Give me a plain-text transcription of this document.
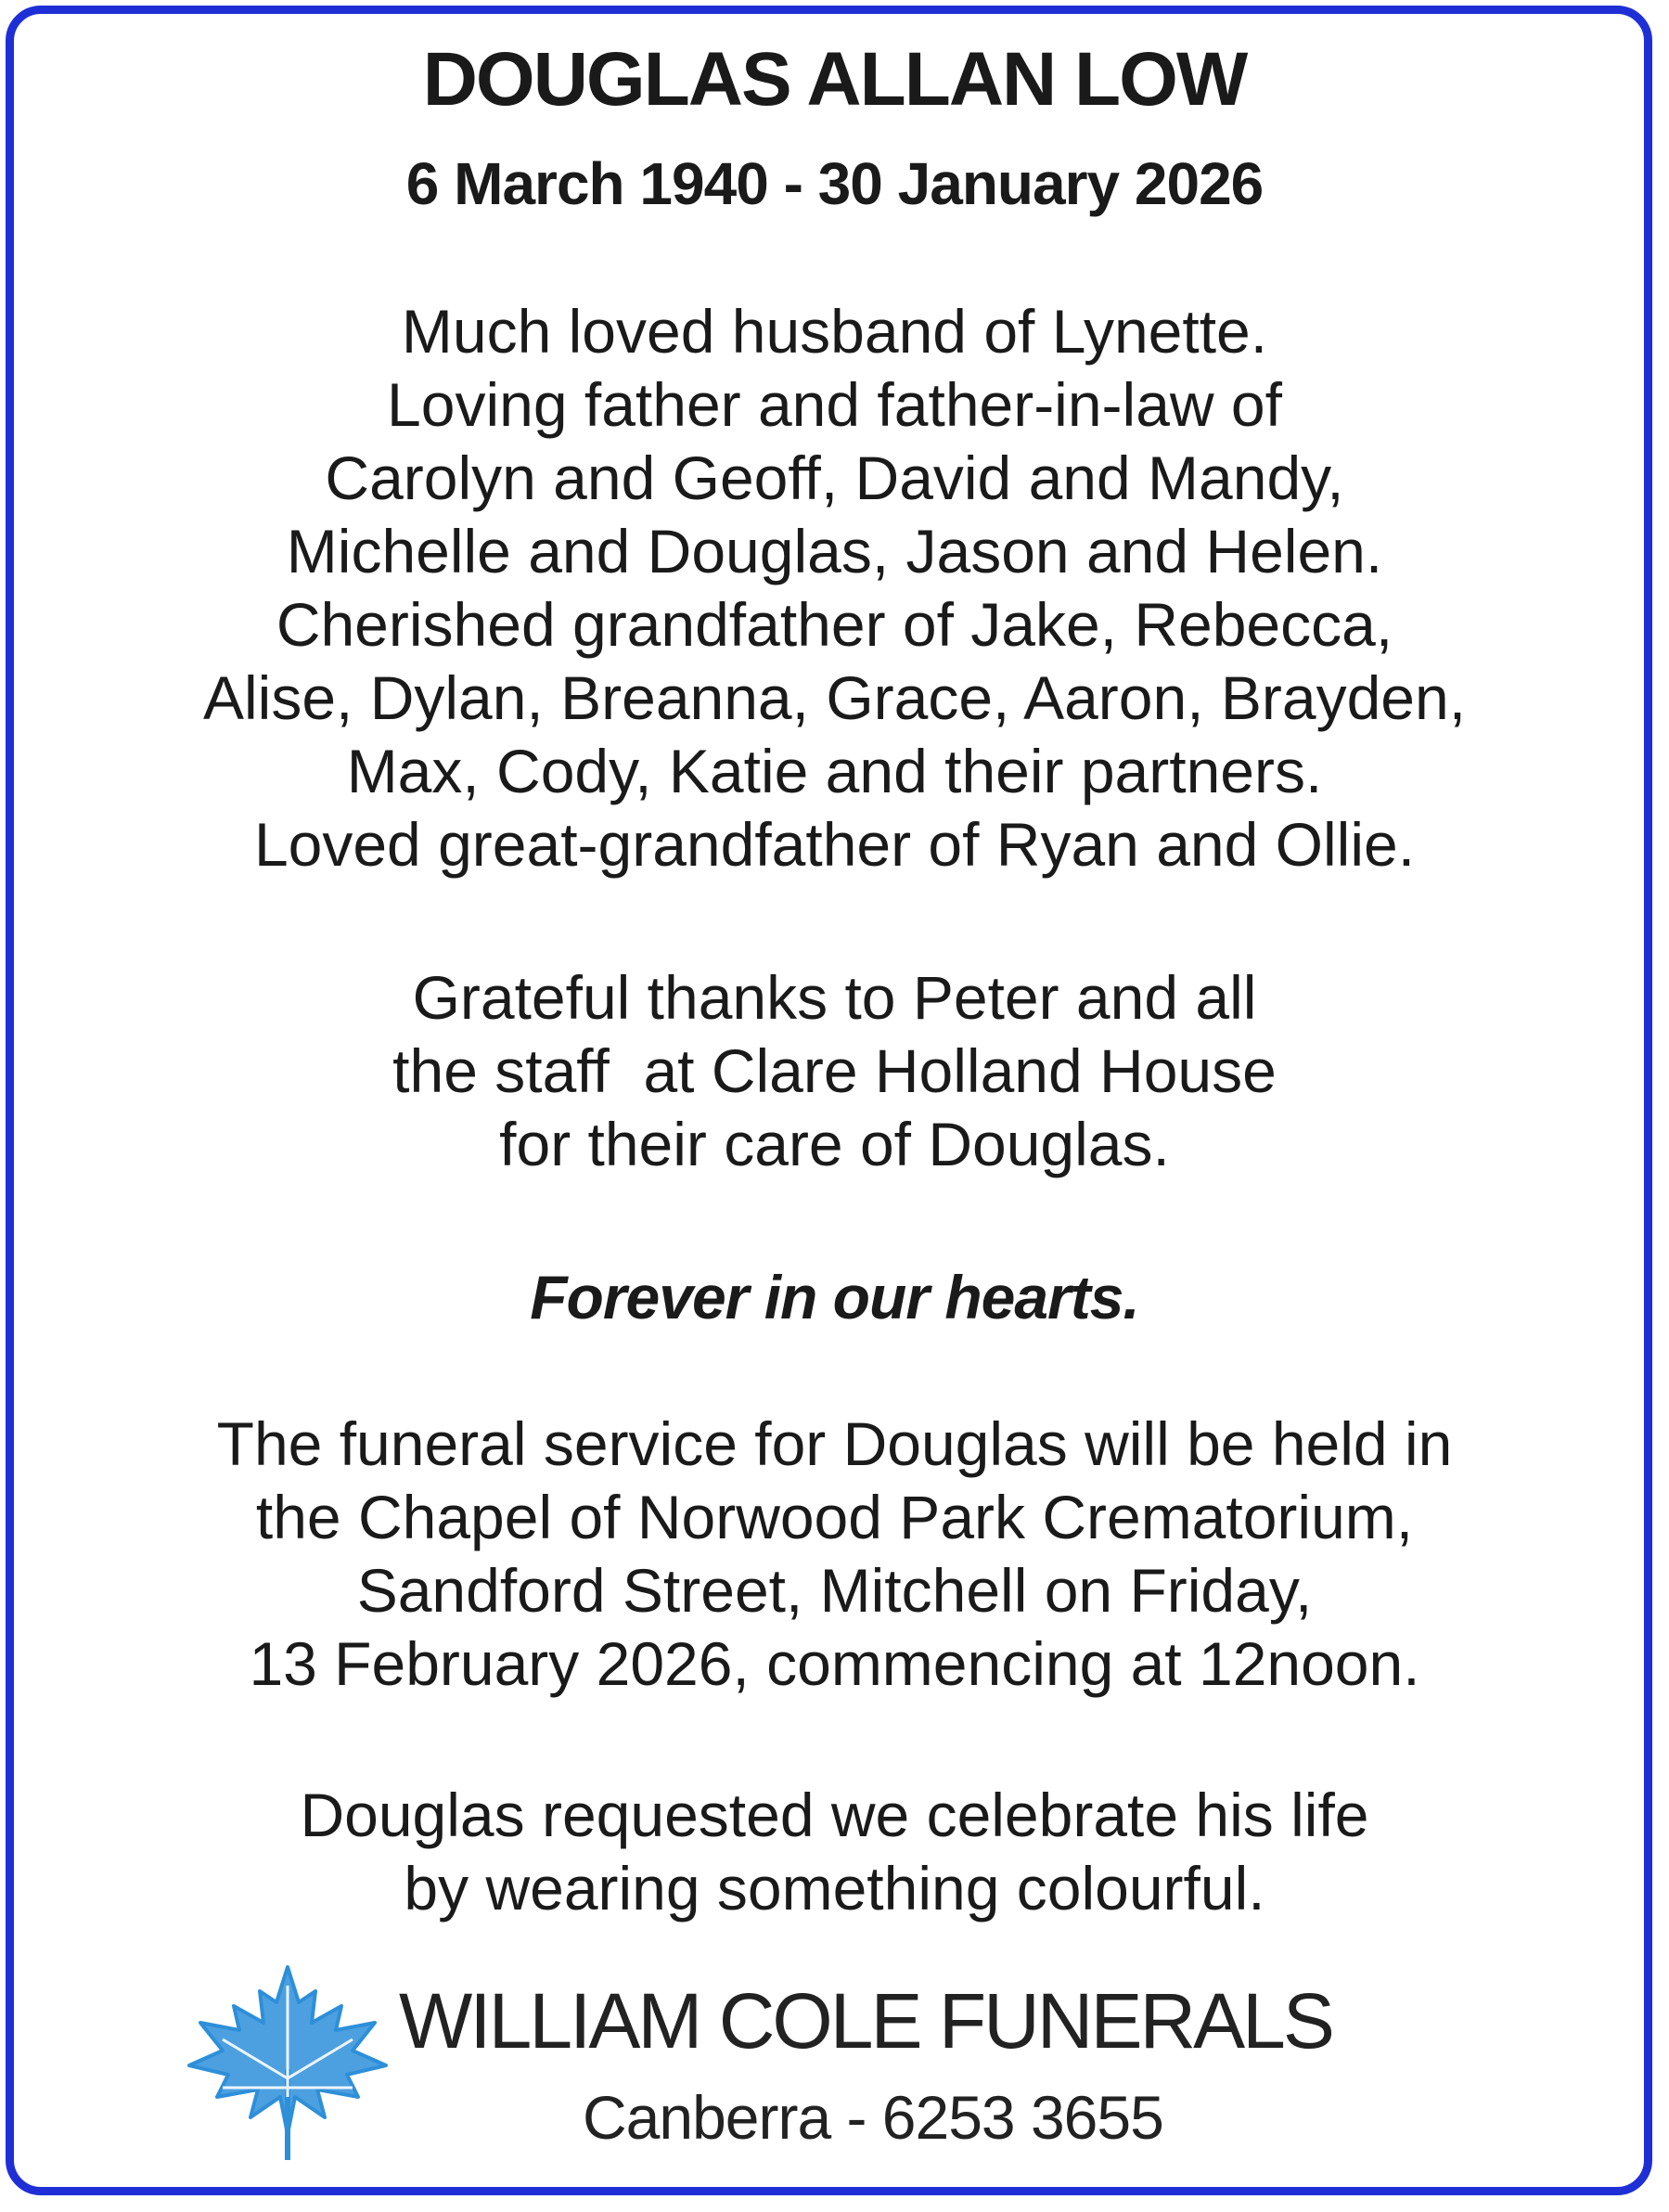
DOUGLAS ALLAN LOW
6 March 1940 - 30 January 2026
Much loved husband of Lynette.
Loving father and father-in-law of
Carolyn and Geoff, David and Mandy,
Michelle and Douglas, Jason and Helen.
Cherished grandfather of Jake, Rebecca,
Alise, Dylan, Breanna, Grace, Aaron, Brayden,
Max, Cody, Katie and their partners.
Loved great-grandfather of Ryan and Ollie.
Grateful thanks to Peter and all
the staff  at Clare Holland House
for their care of Douglas.
Forever in our hearts.
The funeral service for Douglas will be held in
the Chapel of Norwood Park Crematorium,
Sandford Street, Mitchell on Friday,
13 February 2026, commencing at 12noon.
Douglas requested we celebrate his life
by wearing something colourful.
WILLIAM COLE FUNERALS
Canberra - 6253 3655
